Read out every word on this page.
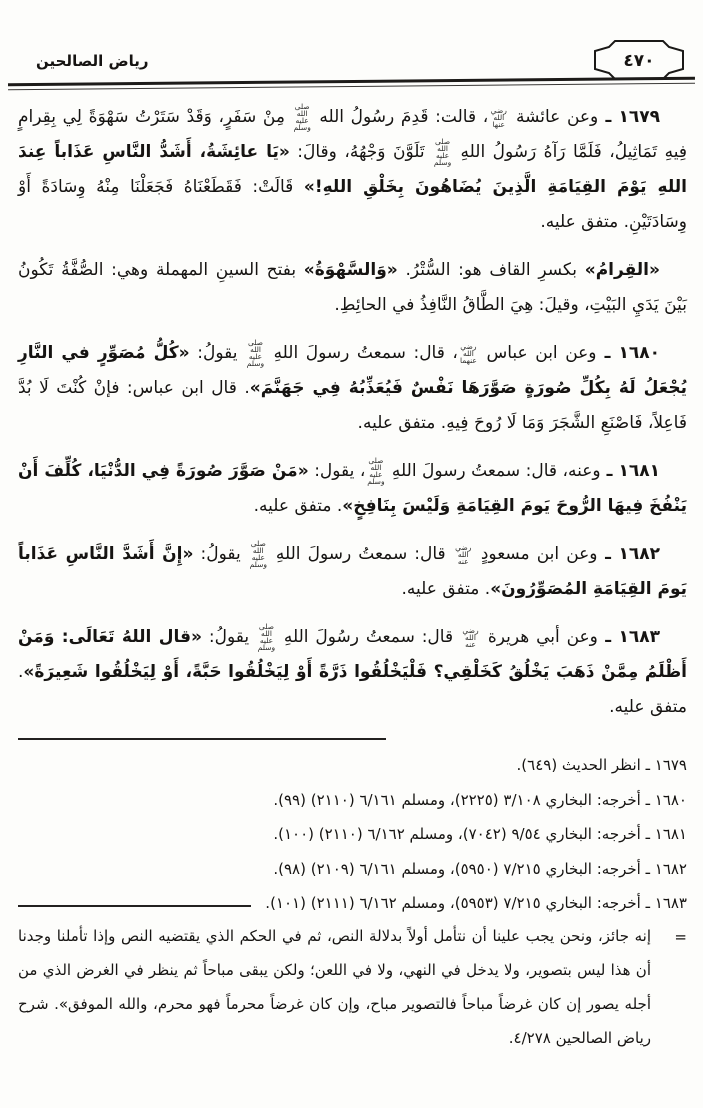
رياض الصالحين	٤٧٠

١٦٧٩ ـ وعن عائشة رضي الله عنها، قالت: قَدِمَ رسُولُ الله صلى الله عليه وسلم مِنْ سَفَرٍ، وَقَدْ سَتَرْتُ سَهْوَةً لِي بِقِرامٍ فِيهِ تَمَاثِيلُ، فَلَمَّا رَآهُ رَسُولُ اللهِ صلى الله عليه وسلم تَلَوَّنَ وَجْهُهُ، وقالَ: «يَا عائِشَةُ، أَشَدُّ النَّاسِ عَذَاباً عِندَ اللهِ يَوْمَ القِيَامَةِ الَّذِينَ يُضَاهُونَ بِخَلْقِ اللهِ!» قَالَتْ: فَقَطَعْنَاهُ فَجَعَلْنَا مِنْهُ وِسَادَةً أَوْ وِسَادَتَيْنِ. متفق عليه.

«القِرامُ» بكسرِ القاف هو: السُّتْرُ. «وَالسَّهْوَةُ» بفتح السينِ المهملة وهي: الصُّفَّةُ تَكُونُ بَيْنَ يَدَيِ البَيْتِ، وقيلَ: هِيَ الطَّاقُ النَّافِذُ في الحائِطِ.

١٦٨٠ ـ وعن ابن عباس رضي الله عنهما، قال: سمعتُ رسولَ اللهِ صلى الله عليه وسلم يقولُ: «كُلُّ مُصَوِّرٍ في النَّارِ يُجْعَلُ لَهُ بِكُلِّ صُورَةٍ صَوَّرَهَا نَفْسٌ فَيُعَذِّبُهُ فِي جَهَنَّمَ». قال ابن عباس: فإنْ كُنْتَ لَا بُدَّ فَاعِلاً، فَاصْنَعِ الشَّجَرَ وَمَا لَا رُوحَ فِيهِ. متفق عليه.

١٦٨١ ـ وعنه، قال: سمعتُ رسولَ اللهِ صلى الله عليه وسلم، يقول: «مَنْ صَوَّرَ صُورَةً فِي الدُّنْيَا، كُلِّفَ أَنْ يَنْفُخَ فِيهَا الرُّوحَ يَومَ القِيَامَةِ وَلَيْسَ بِنَافِخٍ». متفق عليه.

١٦٨٢ ـ وعن ابن مسعودٍ رضي الله عنه قال: سمعتُ رسولَ اللهِ صلى الله عليه وسلم يقولُ: «إِنَّ أَشَدَّ النَّاسِ عَذَاباً يَومَ القِيَامَةِ المُصَوِّرُونَ». متفق عليه.

١٦٨٣ ـ وعن أبي هريرة رضي الله عنه قال: سمعتُ رسُولَ اللهِ صلى الله عليه وسلم يقولُ: «قال اللهُ تَعَالَى: وَمَنْ أَظْلَمُ مِمَّنْ ذَهَبَ يَخْلُقُ كَخَلْقِي؟ فَلْيَخْلُقُوا ذَرَّةً أَوْ لِيَخْلُقُوا حَبَّةً، أَوْ لِيَخْلُقُوا شَعِيرَةً». متفق عليه.

١٦٧٩ ـ انظر الحديث (٦٤٩).
١٦٨٠ ـ أخرجه: البخاري ٣/١٠٨ (٢٢٢٥)، ومسلم ٦/١٦١ (٢١١٠) (٩٩).
١٦٨١ ـ أخرجه: البخاري ٩/٥٤ (٧٠٤٢)، ومسلم ٦/١٦٢ (٢١١٠) (١٠٠).
١٦٨٢ ـ أخرجه: البخاري ٧/٢١٥ (٥٩٥٠)، ومسلم ٦/١٦١ (٢١٠٩) (٩٨).
١٦٨٣ ـ أخرجه: البخاري ٧/٢١٥ (٥٩٥٣)، ومسلم ٦/١٦٢ (٢١١١) (١٠١).
=
إنه جائز، ونحن يجب علينا أن نتأمل أولاً بدلالة النص، ثم في الحكم الذي يقتضيه النص وإذا تأملنا وجدنا أن هذا ليس بتصوير، ولا يدخل في النهي، ولا في اللعن؛ ولكن يبقى مباحاً ثم ينظر في الغرض الذي من أجله يصور إن كان غرضاً مباحاً فالتصوير مباح، وإن كان غرضاً محرماً فهو محرم، والله الموفق». شرح رياض الصالحين ٤/٢٧٨.
